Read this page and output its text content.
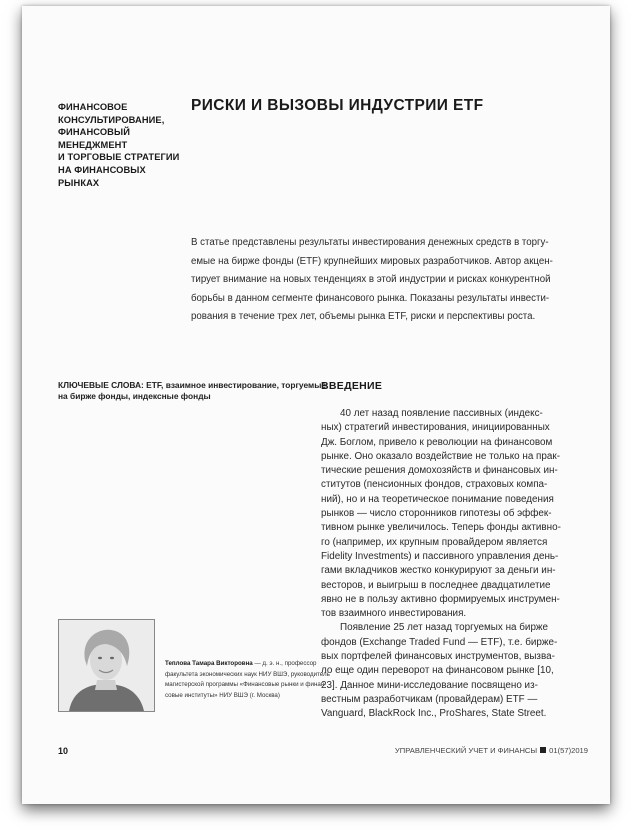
ФИНАНСОВОЕ
КОНСУЛЬТИРОВАНИЕ,
ФИНАНСОВЫЙ
МЕНЕДЖМЕНТ
И ТОРГОВЫЕ СТРАТЕГИИ
НА ФИНАНСОВЫХ
РЫНКАХ
РИСКИ И ВЫЗОВЫ ИНДУСТРИИ ETF
В статье представлены результаты инвестирования денежных средств в торгу-
емые на бирже фонды (ETF) крупнейших мировых разработчиков. Автор акцен-
тирует внимание на новых тенденциях в этой индустрии и рисках конкурентной
борьбы в данном сегменте финансового рынка. Показаны результаты инвести-
рования в течение трех лет, объемы рынка ETF, риски и перспективы роста.
КЛЮЧЕВЫЕ СЛОВА: ETF, взаимное инвестирование, торгуемые
на бирже фонды, индексные фонды
ВВЕДЕНИЕ
40 лет назад появление пассивных (индекс-
ных) стратегий инвестирования, инициированных
Дж. Боглом, привело к революции на финансовом
рынке. Оно оказало воздействие не только на прак-
тические решения домохозяйств и финансовых ин-
ститутов (пенсионных фондов, страховых компа-
ний), но и на теоретическое понимание поведения
рынков — число сторонников гипотезы об эффек-
тивном рынке увеличилось. Теперь фонды активно-
го (например, их крупным провайдером является
Fidelity Investments) и пассивного управления день-
гами вкладчиков жестко конкурируют за деньги ин-
весторов, и выигрыш в последнее двадцатилетие
явно не в пользу активно формируемых инструмен-
тов взаимного инвестирования.
Появление 25 лет назад торгуемых на бирже
фондов (Exchange Traded Fund — ETF), т.е. бирже-
вых портфелей финансовых инструментов, вызва-
ло еще один переворот на финансовом рынке [10,
23]. Данное мини-исследование посвящено из-
вестным разработчикам (провайдерам) ETF —
Vanguard, BlackRock Inc., ProShares, State Street.
Теплова Тамара Викторовна — д. э. н., профессор
факультета экономических наук НИУ ВШЭ, руководитель
магистерской программы «Финансовые рынки и финан-
совые институты» НИУ ВШЭ (г. Москва)
10	УПРАВЛЕНЧЕСКИЙ УЧЕТ И ФИНАНСЫ 01(57)2019
